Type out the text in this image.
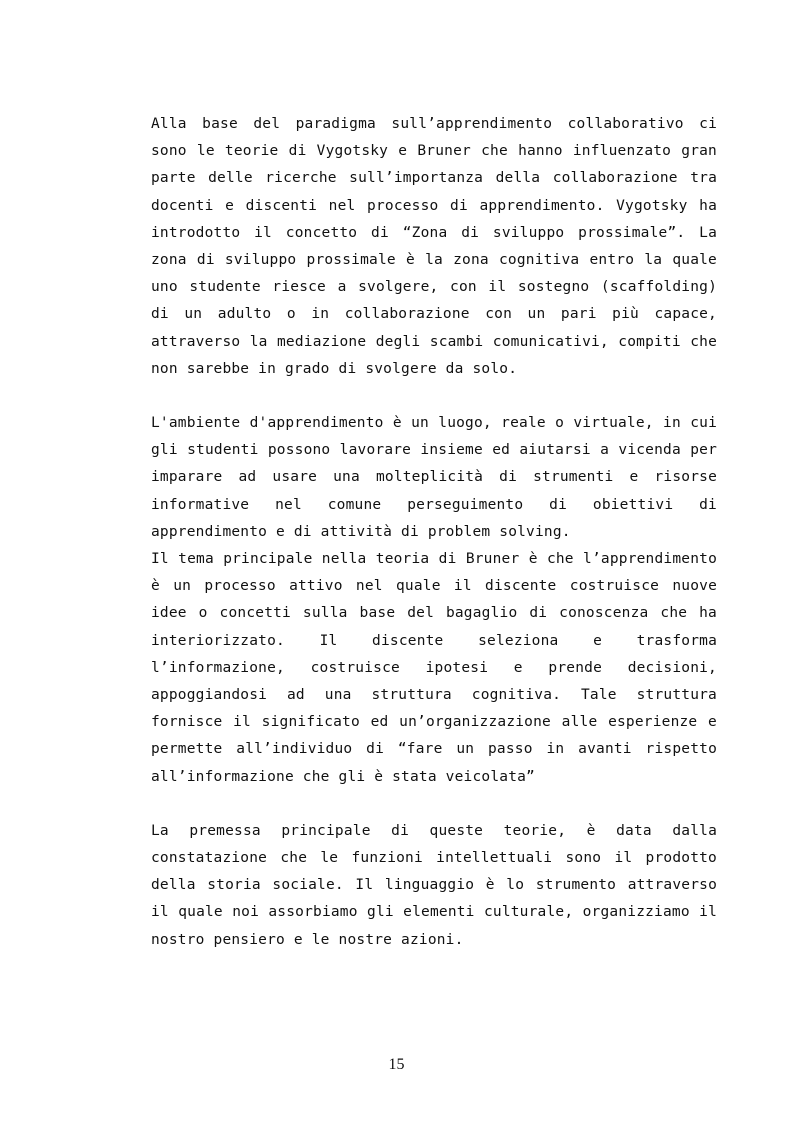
Alla base del paradigma sull’apprendimento collaborativo ci sono le teorie di Vygotsky e Bruner che hanno influenzato gran parte delle ricerche sull’importanza della collaborazione tra docenti e discenti nel processo di apprendimento. Vygotsky ha introdotto il concetto di “Zona di sviluppo prossimale”. La zona di sviluppo prossimale è la zona cognitiva entro la quale uno studente riesce a svolgere, con il sostegno (scaffolding) di un adulto o in collaborazione con un pari più capace, attraverso la mediazione degli scambi comunicativi, compiti che non sarebbe in grado di svolgere da solo.

L'ambiente d'apprendimento è un luogo, reale o virtuale, in cui gli studenti possono lavorare insieme ed aiutarsi a vicenda per imparare ad usare una molteplicità di strumenti e risorse informative nel comune perseguimento di obiettivi di apprendimento e di attività di problem solving.

Il tema principale nella teoria di Bruner è che l’apprendimento è un processo attivo nel quale il discente costruisce nuove idee o concetti sulla base del bagaglio di conoscenza che ha interiorizzato. Il discente seleziona e trasforma l’informazione, costruisce ipotesi e prende decisioni, appoggiandosi ad una struttura cognitiva. Tale struttura fornisce il significato ed un’organizzazione alle esperienze e permette all’individuo di “fare un passo in avanti rispetto all’informazione che gli è stata veicolata”

La premessa principale di queste teorie, è data dalla constatazione che le funzioni intellettuali sono il prodotto della storia sociale. Il linguaggio è lo strumento attraverso il quale noi assorbiamo gli elementi culturale, organizziamo il nostro pensiero e le nostre azioni.

15
